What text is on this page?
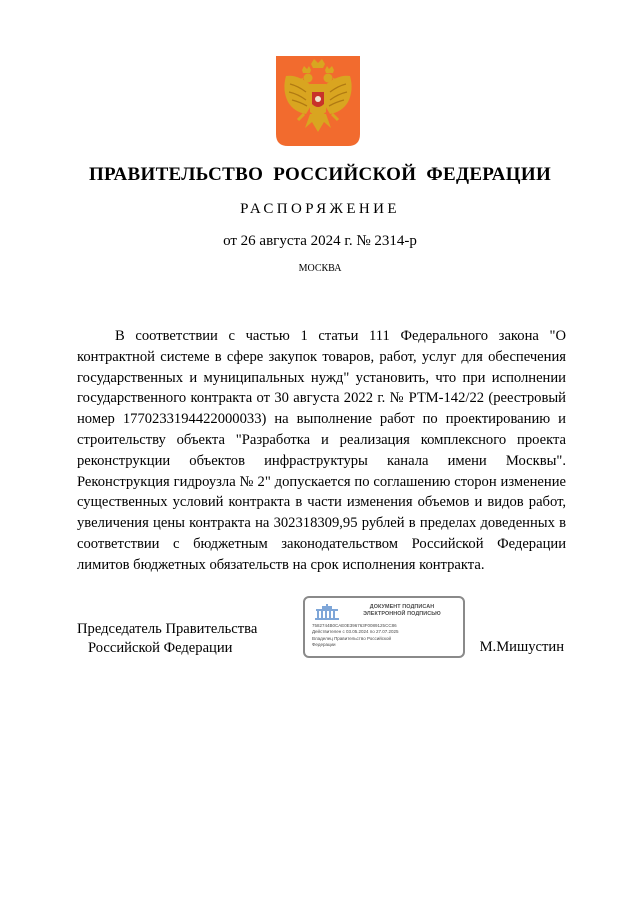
ПРАВИТЕЛЬСТВО РОССИЙСКОЙ ФЕДЕРАЦИИ
РАСПОРЯЖЕНИЕ
от 26 августа 2024 г. № 2314-р
МОСКВА

В соответствии с частью 1 статьи 111 Федерального закона "О контрактной системе в сфере закупок товаров, работ, услуг для обеспечения государственных и муниципальных нужд" установить, что при исполнении государственного контракта от 30 августа 2022 г. № РТМ-142/22 (реестровый номер 1770233194422000033) на выполнение работ по проектированию и строительству объекта "Разработка и реализация комплексного проекта реконструкции объектов инфраструктуры канала имени Москвы". Реконструкция гидроузла № 2" допускается по соглашению сторон изменение существенных условий контракта в части изменения объемов и видов работ, увеличения цены контракта на 302318309,95 рублей в пределах доведенных в соответствии с бюджетным законодательством Российской Федерации лимитов бюджетных обязательств на срок исполнения контракта.

Председатель Правительства
Российской Федерации
ДОКУМЕНТ ПОДПИСАН
ЭЛЕКТРОННОЙ ПОДПИСЬЮ
7582744B0CAE0E396763F0089125CC86
Действителен с 03.05.2024 по 27.07.2025
Владелец Правительство Российской
Федерации	М.Мишустин
